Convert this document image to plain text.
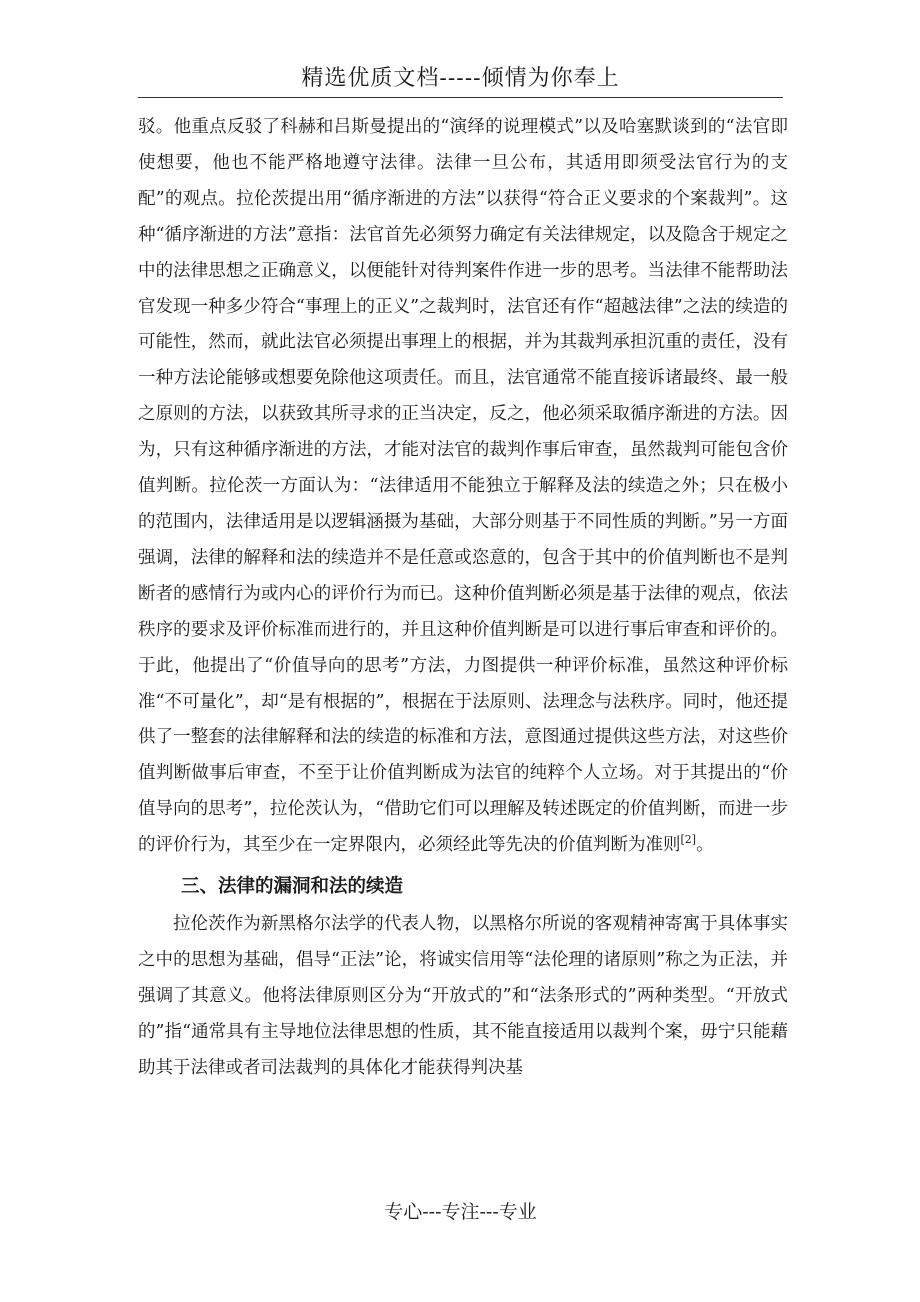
精选优质文档-----倾情为你奉上

驳。他重点反驳了科赫和吕斯曼提出的“演绎的说理模式”以及哈塞默谈到的“法官即使想要，他也不能严格地遵守法律。法律一旦公布，其适用即须受法官行为的支配”的观点。拉伦茨提出用“循序渐进的方法”以获得“符合正义要求的个案裁判”。这种“循序渐进的方法”意指：法官首先必须努力确定有关法律规定，以及隐含于规定之中的法律思想之正确意义，以便能针对待判案件作进一步的思考。当法律不能帮助法官发现一种多少符合“事理上的正义”之裁判时，法官还有作“超越法律”之法的续造的可能性，然而，就此法官必须提出事理上的根据，并为其裁判承担沉重的责任，没有一种方法论能够或想要免除他这项责任。而且，法官通常不能直接诉诸最终、最一般之原则的方法，以获致其所寻求的正当决定，反之，他必须采取循序渐进的方法。因为，只有这种循序渐进的方法，才能对法官的裁判作事后审查，虽然裁判可能包含价值判断。拉伦茨一方面认为：“法律适用不能独立于解释及法的续造之外；只在极小的范围内，法律适用是以逻辑涵摄为基础，大部分则基于不同性质的判断。”另一方面强调，法律的解释和法的续造并不是任意或恣意的，包含于其中的价值判断也不是判断者的感情行为或内心的评价行为而已。这种价值判断必须是基于法律的观点，依法秩序的要求及评价标准而进行的，并且这种价值判断是可以进行事后审查和评价的。于此，他提出了“价值导向的思考”方法，力图提供一种评价标准，虽然这种评价标准“不可量化”，却“是有根据的”，根据在于法原则、法理念与法秩序。同时，他还提供了一整套的法律解释和法的续造的标准和方法，意图通过提供这些方法，对这些价值判断做事后审查，不至于让价值判断成为法官的纯粹个人立场。对于其提出的“价值导向的思考”，拉伦茨认为，“借助它们可以理解及转述既定的价值判断，而进一步的评价行为，其至少在一定界限内，必须经此等先决的价值判断为准则[2]。

三、法律的漏洞和法的续造

拉伦茨作为新黑格尔法学的代表人物，以黑格尔所说的客观精神寄寓于具体事实之中的思想为基础，倡导“正法”论，将诚实信用等“法伦理的诸原则”称之为正法，并强调了其意义。他将法律原则区分为“开放式的”和“法条形式的”两种类型。“开放式的”指“通常具有主导地位法律思想的性质，其不能直接适用以裁判个案，毋宁只能藉助其于法律或者司法裁判的具体化才能获得判决基

专心---专注---专业
